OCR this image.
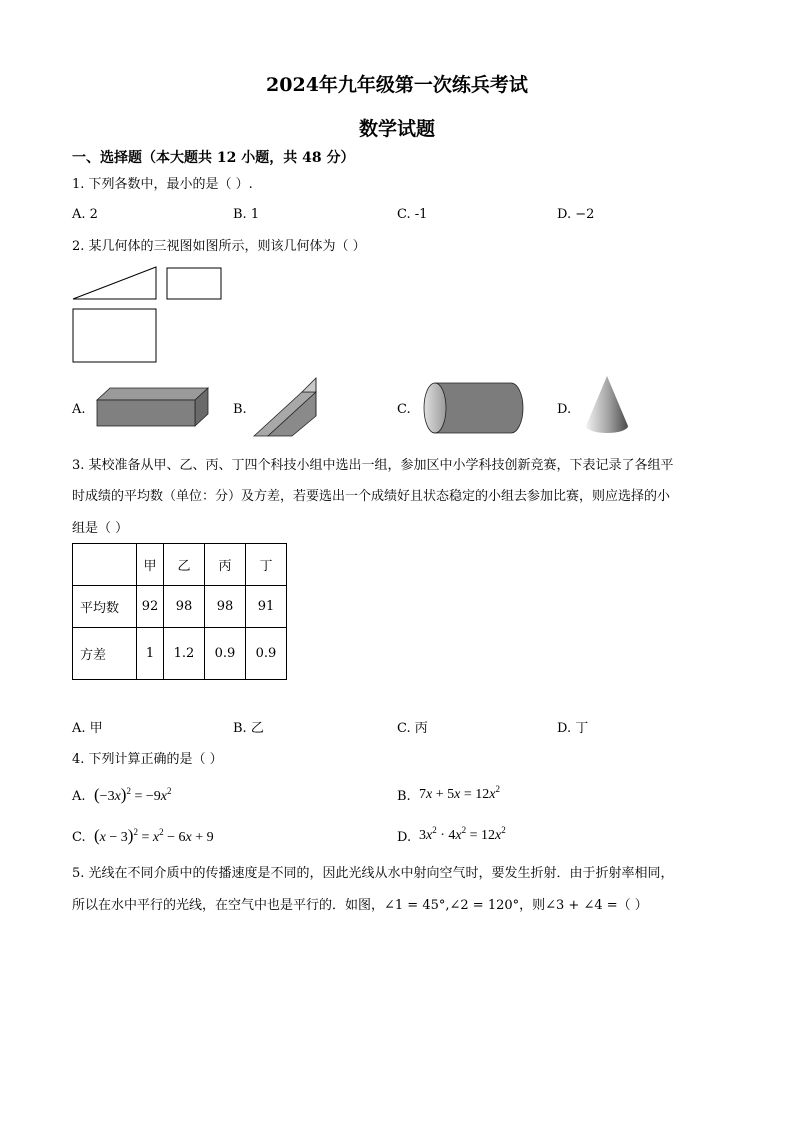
2024年九年级第一次练兵考试
数学试题
一、选择题（本大题共 12 小题，共 48 分）
1. 下列各数中，最小的是（ ）.
A. 2	B. 1	C. -1	D. −2
2. 某几何体的三视图如图所示，则该几何体为（ ）
A.	B.	C.	D.
3. 某校准备从甲、乙、丙、丁四个科技小组中选出一组，参加区中小学科技创新竞赛，下表记录了各组平
时成绩的平均数（单位：分）及方差，若要选出一个成绩好且状态稳定的小组去参加比赛，则应选择的小
组是（ ）
	甲	乙	丙	丁
平均数	92	98	98	91
方差	1	1.2	0.9	0.9
A. 甲	B. 乙	C. 丙	D. 丁
4. 下列计算正确的是（ ）
A. $(-3x)^2 = -9x^2$	B. $7x + 5x = 12x^2$
C. $(x - 3)^2 = x^2 - 6x + 9$	D. $3x^2 \cdot 4x^2 = 12x^2$
5. 光线在不同介质中的传播速度是不同的，因此光线从水中射向空气时，要发生折射．由于折射率相同，
所以在水中平行的光线，在空气中也是平行的．如图，∠1 = 45°,∠2 = 120°，则∠3 + ∠4 =（ ）
